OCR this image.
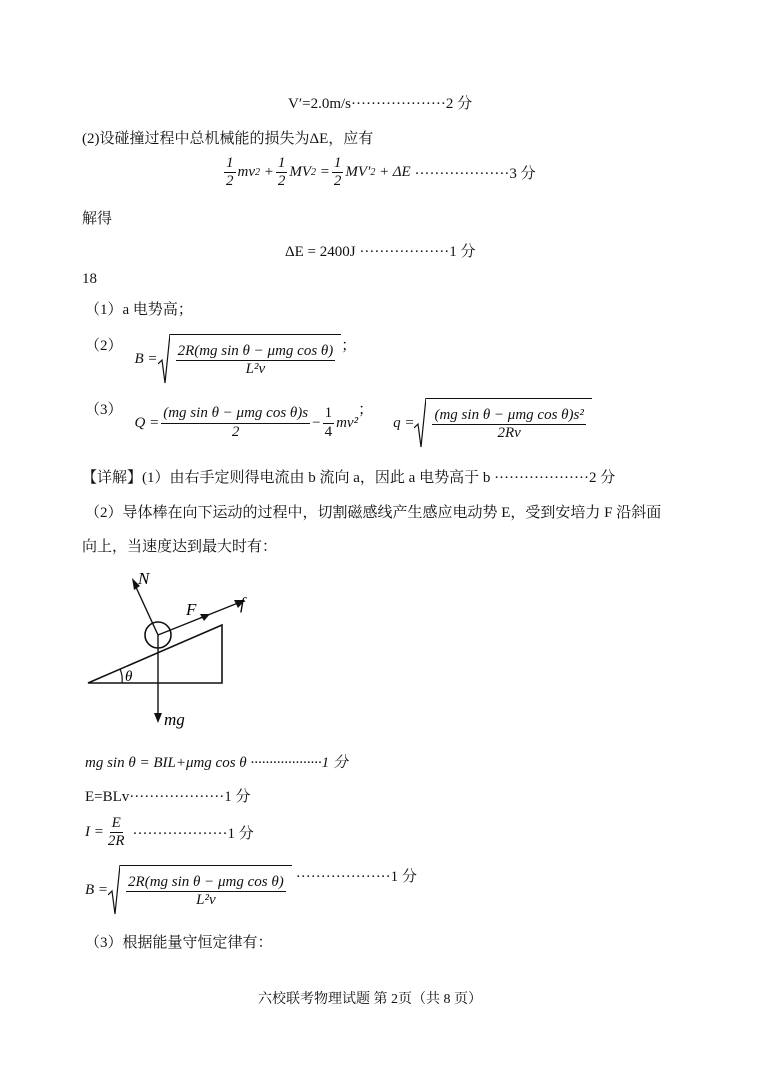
V′=2.0m/s···················2 分
(2)设碰撞过程中总机械能的损失为ΔE，应有
$\frac{1}{2}$ mv $2 + \frac{1}{2}$ MV $2 = \frac{1}{2} MV'$ 2
+ ΔE
···················3 分
解得
ΔE = 2400J ··················1 分
18
（1）a 电势高；
（2）
$B = \frac{\text{2R(mg sin θ − μmg cos θ)}}{\text{L²v}}$ ；
（3）
$Q = \frac{\text{(mg sin θ − μmg cos θ)s}}{2} - \frac{1}{4} mv^2$
；
$q = \frac{\text{(mg sin θ − μmg cos θ)s²}}{2Rv}$
【详解】(1）由右手定则得电流由 b 流向 a，因此 a 电势高于 b ···················2 分
（2）导体棒在向下运动的过程中，切割磁感线产生感应电动势 E，受到安培力 F 沿斜面
向上，当速度达到最大时有：
N
F	f
θ
mg
mg sin θ = BIL+μmg cos θ ···················1 分
E=BLv···················1 分
$I = \frac{E}{2R} \cdot\cdot\cdot\cdot\cdot\cdot\cdot\cdot\cdot\cdot\cdot\cdot\cdot\cdot\cdot\cdot\cdot\cdot\cdot 1$ 分
$B = \frac{\text{2R(mg sin θ − μmg cos θ)}}{\text{L²v}} \cdot\cdot\cdot\cdot\cdot\cdot\cdot\cdot\cdot\cdot\cdot\cdot\cdot\cdot\cdot\cdot\cdot\cdot\cdot 1$ 分
（3）根据能量守恒定律有：
六校联考物理试题 第 2页（共 8 页）
